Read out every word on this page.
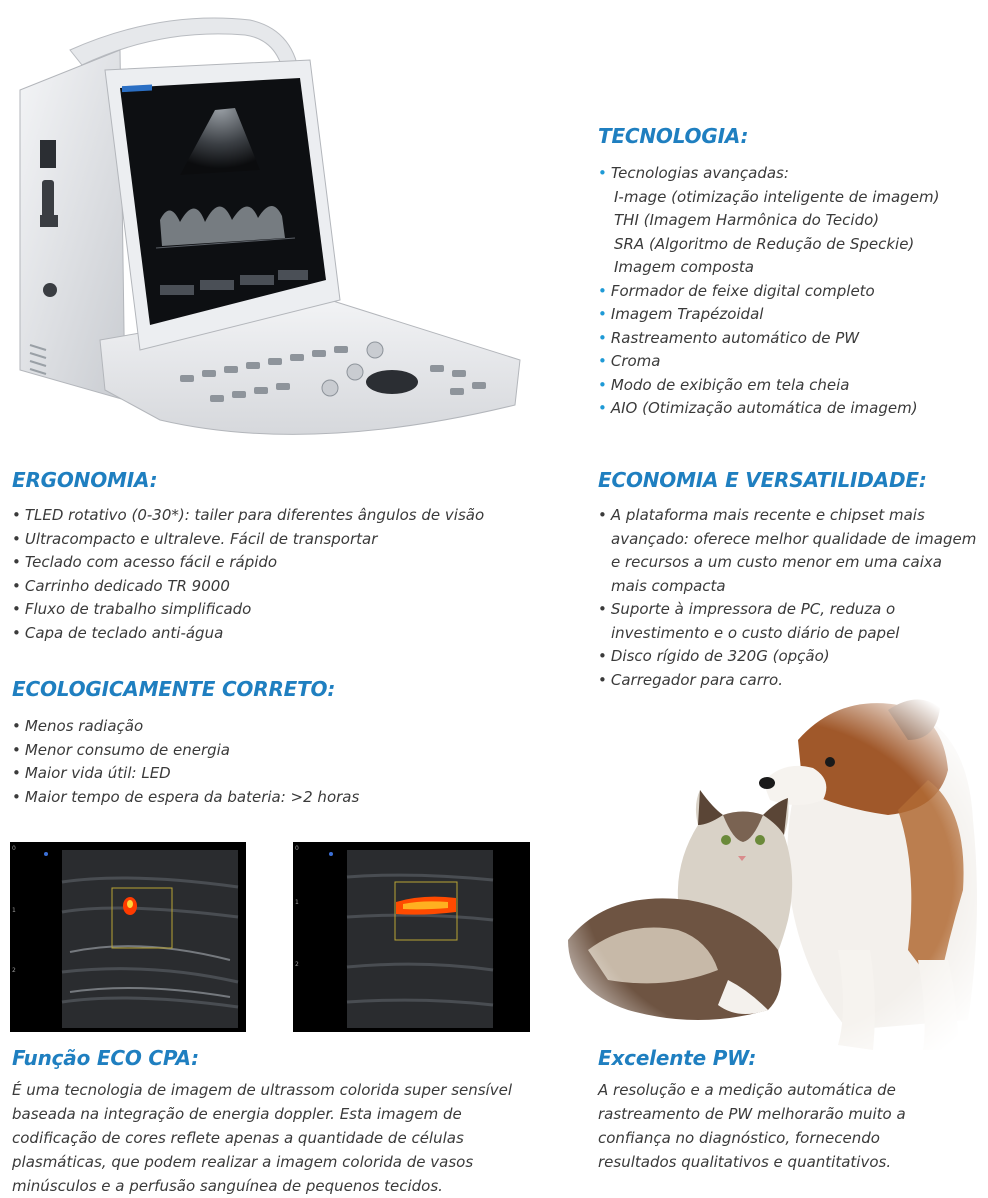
TECNOLOGIA:
• Tecnologias avançadas:
I-mage (otimização inteligente de imagem)
THI (Imagem Harmônica do Tecido)
SRA (Algoritmo de Redução de Speckie)
Imagem composta
• Formador de feixe digital completo
• Imagem Trapézoidal
• Rastreamento automático de PW
• Croma
• Modo de exibição em tela cheia
• AIO (Otimização automática de imagem)
ERGONOMIA:
• TLED rotativo (0-30*): tailer para diferentes ângulos de visão
• Ultracompacto e ultraleve. Fácil de transportar
• Teclado com acesso fácil e rápido
• Carrinho dedicado TR 9000
• Fluxo de trabalho simplificado
• Capa de teclado anti-água
ECONOMIA E VERSATILIDADE:
• A plataforma mais recente e chipset mais
avançado: oferece melhor qualidade de imagem
e recursos a um custo menor em uma caixa
mais compacta
• Suporte à impressora de PC, reduza o
investimento e o custo diário de papel
• Disco rígido de 320G (opção)
• Carregador para carro.
ECOLOGICAMENTE CORRETO:
• Menos radiação
• Menor consumo de energia
• Maior vida útil: LED
• Maior tempo de espera da bateria: >2 horas
0
1
2
0
1
2
Função ECO CPA:

É uma tecnologia de imagem de ultrassom colorida super sensível

baseada na integração de energia doppler. Esta imagem de

codificação de cores reflete apenas a quantidade de células

plasmáticas, que podem realizar a imagem colorida de vasos

minúsculos e a perfusão sanguínea de pequenos tecidos.

Excelente PW:

A resolução e a medição automática de

rastreamento de PW melhorarão muito a

confiança no diagnóstico, fornecendo

resultados qualitativos e quantitativos.
